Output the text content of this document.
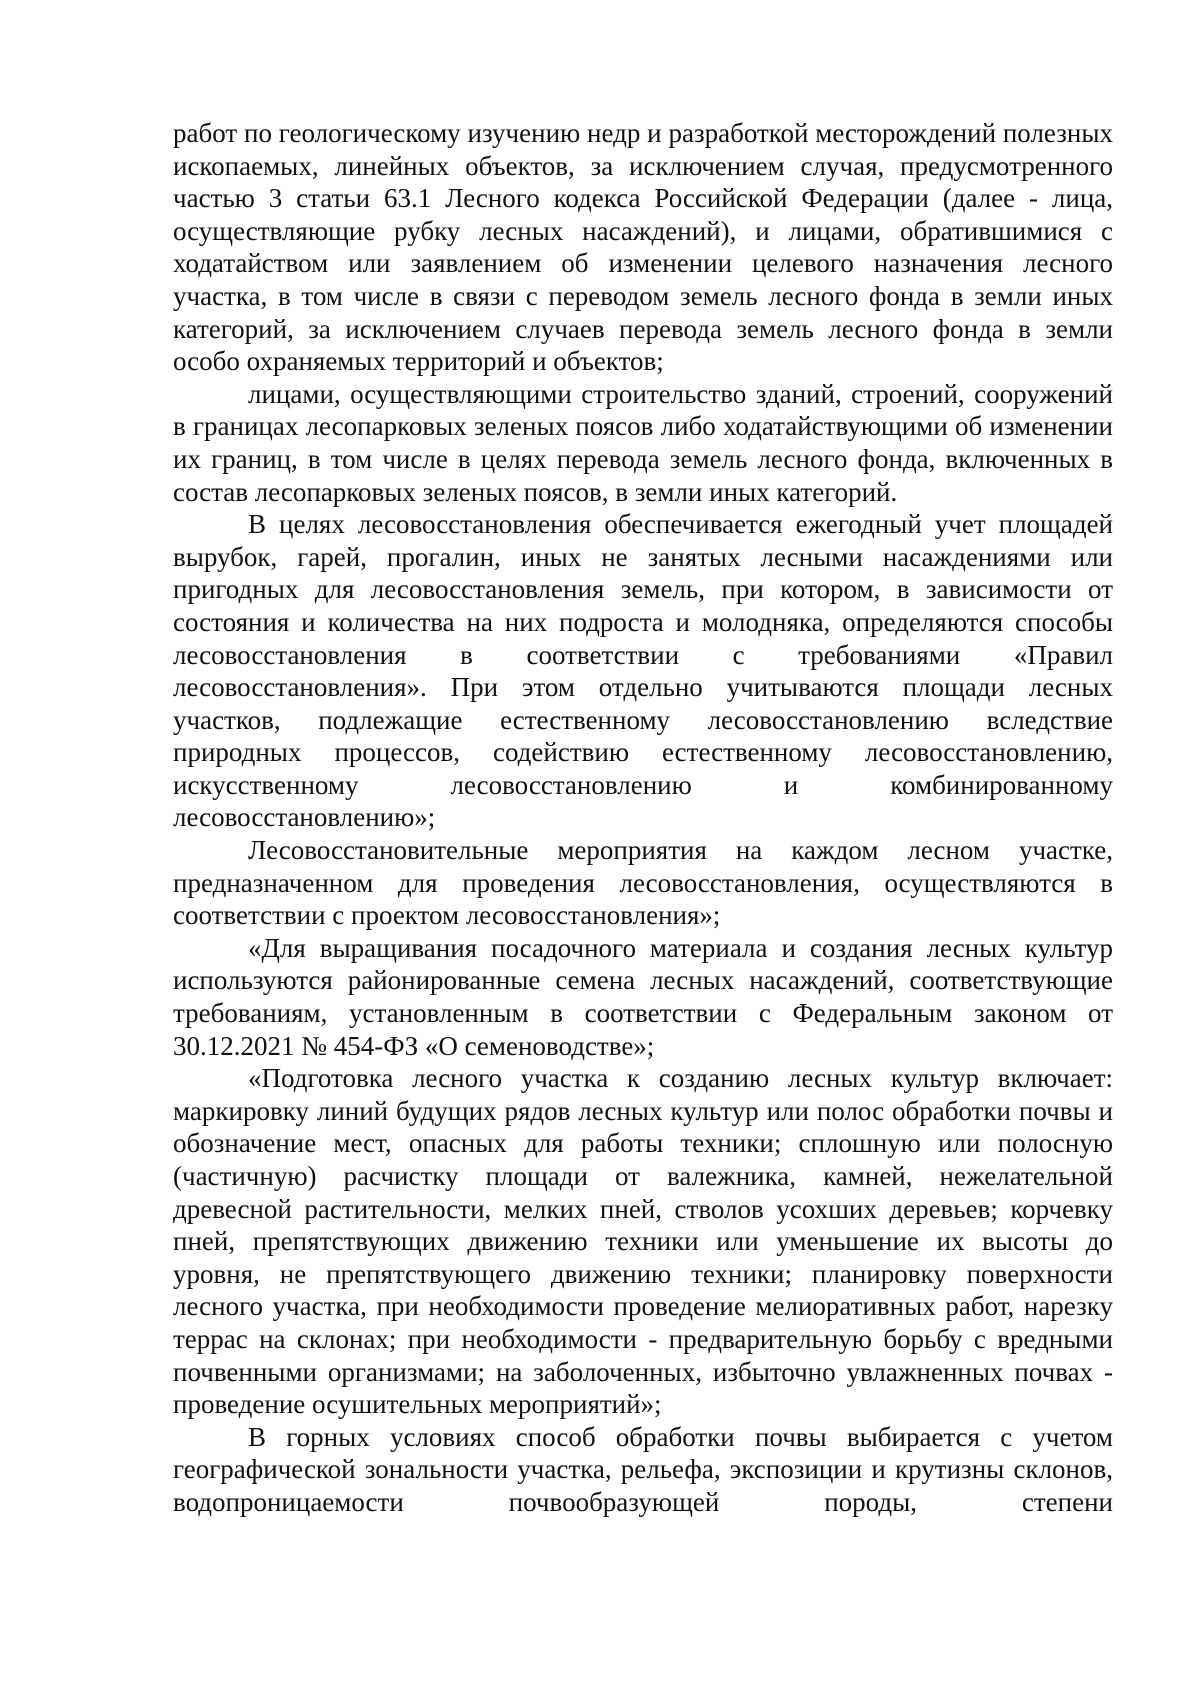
работ по геологическому изучению недр и разработкой месторождений полезных ископаемых, линейных объектов, за исключением случая, предусмотренного частью 3 статьи 63.1 Лесного кодекса Российской Федерации (далее - лица, осуществляющие рубку лесных насаждений), и лицами, обратившимися с ходатайством или заявлением об изменении целевого назначения лесного участка, в том числе в связи с переводом земель лесного фонда в земли иных категорий, за исключением случаев перевода земель лесного фонда в земли особо охраняемых территорий и объектов;

лицами, осуществляющими строительство зданий, строений, сооружений в границах лесопарковых зеленых поясов либо ходатайствующими об изменении их границ, в том числе в целях перевода земель лесного фонда, включенных в состав лесопарковых зеленых поясов, в земли иных категорий.

В целях лесовосстановления обеспечивается ежегодный учет площадей вырубок, гарей, прогалин, иных не занятых лесными насаждениями или пригодных для лесовосстановления земель, при котором, в зависимости от состояния и количества на них подроста и молодняка, определяются способы лесовосстановления в соответствии с требованиями «Правил лесовосстановления». При этом отдельно учитываются площади лесных участков, подлежащие естественному лесовосстановлению вследствие природных процессов, содействию естественному лесовосстановлению, искусственному лесовосстановлению и комбинированному лесовосстановлению»;

Лесовосстановительные мероприятия на каждом лесном участке, предназначенном для проведения лесовосстановления, осуществляются в соответствии с проектом лесовосстановления»;

«Для выращивания посадочного материала и создания лесных культур используются районированные семена лесных насаждений, соответствующие требованиям, установленным в соответствии с Федеральным законом от 30.12.2021 № 454-ФЗ «О семеноводстве»;

«Подготовка лесного участка к созданию лесных культур включает: маркировку линий будущих рядов лесных культур или полос обработки почвы и обозначение мест, опасных для работы техники; сплошную или полосную (частичную) расчистку площади от валежника, камней, нежелательной древесной растительности, мелких пней, стволов усохших деревьев; корчевку пней, препятствующих движению техники или уменьшение их высоты до уровня, не препятствующего движению техники; планировку поверхности лесного участка, при необходимости проведение мелиоративных работ, нарезку террас на склонах; при необходимости - предварительную борьбу с вредными почвенными организмами; на заболоченных, избыточно увлажненных почвах - проведение осушительных мероприятий»;

В горных условиях способ обработки почвы выбирается с учетом географической зональности участка, рельефа, экспозиции и крутизны склонов, водопроницаемости почвообразующей породы, степени
